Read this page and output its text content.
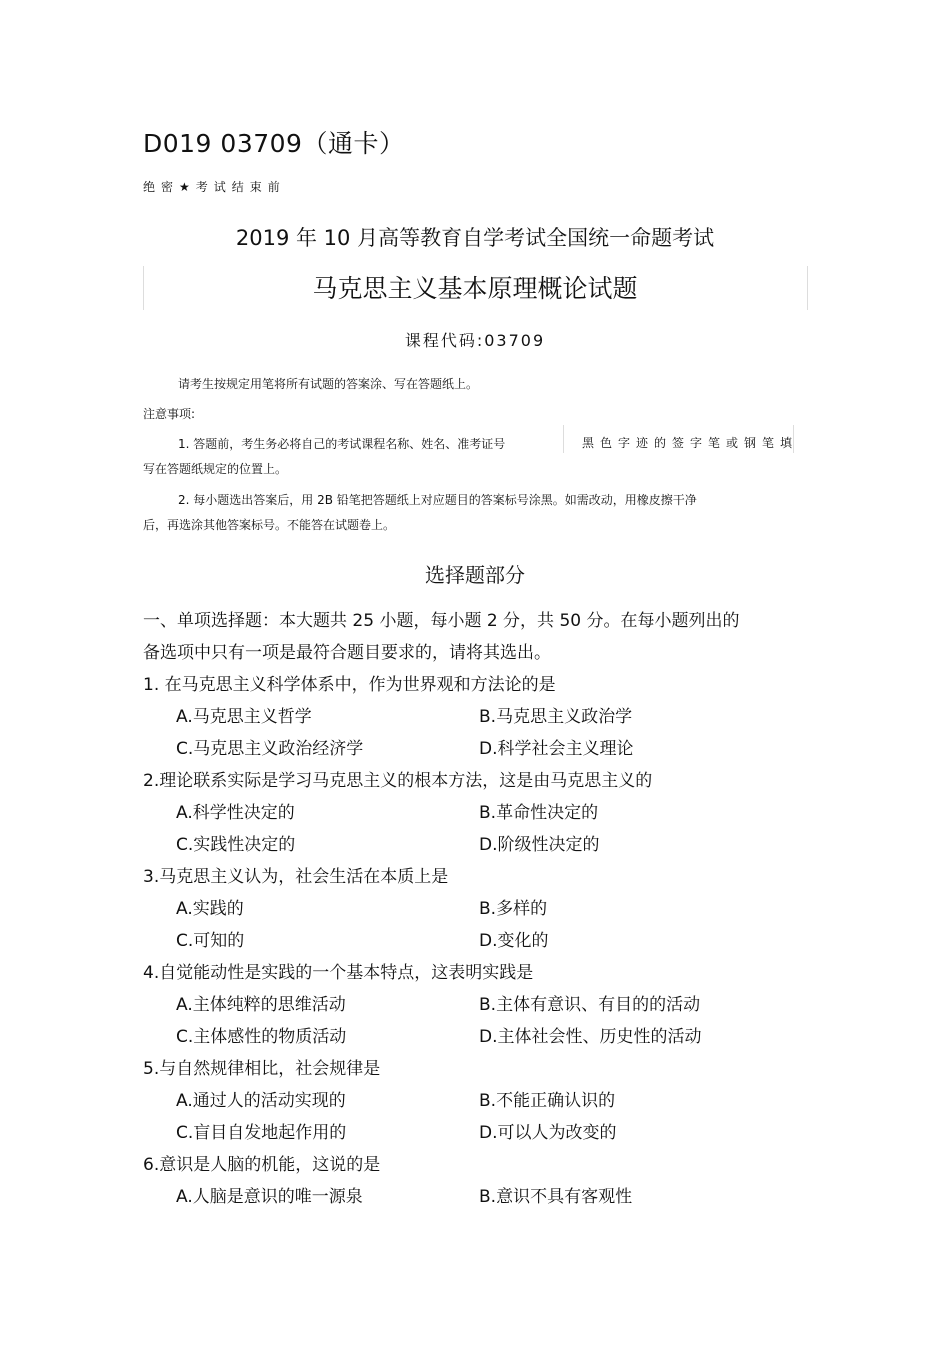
D019 03709（通卡）
绝密★考试结束前
2019 年 10 月高等教育自学考试全国统一命题考试
马克思主义基本原理概论试题
课程代码:03709
请考生按规定用笔将所有试题的答案涂、写在答题纸上。
注意事项:
1. 答题前，考生务必将自己的考试课程名称、姓名、准考证号	黑色字迹的签字笔或钢笔填
写在答题纸规定的位置上。
2. 每小题选出答案后，用 2B 铅笔把答题纸上对应题目的答案标号涂黑。如需改动，用橡皮擦干净
后，再选涂其他答案标号。不能答在试题卷上。
选择题部分
一、单项选择题：本大题共 25 小题，每小题 2 分，共 50 分。在每小题列出的
备选项中只有一项是最符合题目要求的，请将其选出。
1. 在马克思主义科学体系中，作为世界观和方法论的是
A.马克思主义哲学	B.马克思主义政治学
C.马克思主义政治经济学	D.科学社会主义理论
2.理论联系实际是学习马克思主义的根本方法，这是由马克思主义的
A.科学性决定的	B.革命性决定的
C.实践性决定的	D.阶级性决定的
3.马克思主义认为，社会生活在本质上是
A.实践的	B.多样的
C.可知的	D.变化的
4.自觉能动性是实践的一个基本特点，这表明实践是
A.主体纯粹的思维活动	B.主体有意识、有目的的活动
C.主体感性的物质活动	D.主体社会性、历史性的活动
5.与自然规律相比，社会规律是
A.通过人的活动实现的	B.不能正确认识的
C.盲目自发地起作用的	D.可以人为改变的
6.意识是人脑的机能，这说的是
A.人脑是意识的唯一源泉	B.意识不具有客观性
